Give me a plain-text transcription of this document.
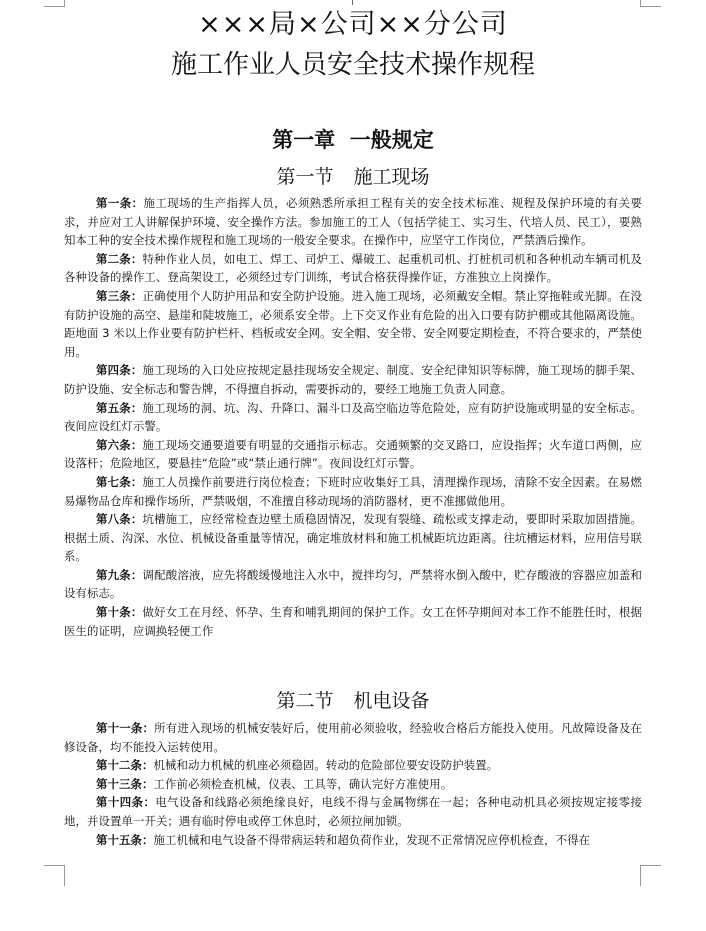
×××局×公司××分公司
施工作业人员安全技术操作规程
第一章  一般规定
第一节 施工现场

第一条：施工现场的生产指挥人员，必须熟悉所承担工程有关的安全技术标准、规程及保护环境的有关要求，并应对工人讲解保护环境、安全操作方法。参加施工的工人（包括学徒工、实习生、代培人员、民工），要熟知本工种的安全技术操作规程和施工现场的一般安全要求。在操作中，应坚守工作岗位，严禁酒后操作。

第二条：特种作业人员，如电工、焊工、司炉工、爆破工、起重机司机、打桩机司机和各种机动车辆司机及各种设备的操作工、登高架设工，必须经过专门训练，考试合格获得操作证，方准独立上岗操作。

第三条：正确使用个人防护用品和安全防护设施。进入施工现场，必须戴安全帽。禁止穿拖鞋或光脚。在没有防护设施的高空、悬崖和陡坡施工，必须系安全带。上下交叉作业有危险的出入口要有防护棚或其他隔离设施。距地面 3 米以上作业要有防护栏杆、档板或安全网。安全帽、安全带、安全网要定期检查，不符合要求的，严禁使用。

第四条：施工现场的入口处应按规定悬挂现场安全规定、制度、安全纪律知识等标牌，施工现场的脚手架、防护设施、安全标志和警告牌，不得擅自拆动，需要拆动的，要经工地施工负责人同意。

第五条：施工现场的洞、坑、沟、升降口、漏斗口及高空临边等危险处，应有防护设施或明显的安全标志。夜间应设红灯示警。

第六条：施工现场交通要道要有明显的交通指示标志。交通频繁的交叉路口，应设指挥；火车道口两侧，应设落杆；危险地区，要悬挂“危险”或“禁止通行牌”。夜间设红灯示警。

第七条：施工人员操作前要进行岗位检查；下班时应收集好工具，清理操作现场，清除不安全因素。在易燃易爆物品仓库和操作场所，严禁吸烟，不准擅自移动现场的消防器材，更不准挪做他用。

第八条：坑槽施工，应经常检查边壁土质稳固情况，发现有裂缝、疏松或支撑走动，要即时采取加固措施。根据土质、沟深、水位、机械设备重量等情况，确定堆放材料和施工机械距坑边距离。往坑槽运材料，应用信号联系。

第九条：调配酸溶液，应先将酸缓慢地注入水中，搅拌均匀，严禁将水倒入酸中，贮存酸液的容器应加盖和设有标志。

第十条：做好女工在月经、怀孕、生育和哺乳期间的保护工作。女工在怀孕期间对本工作不能胜任时，根据医生的证明，应调换轻便工作

第二节 机电设备

第十一条：所有进入现场的机械安装好后，使用前必须验收，经验收合格后方能投入使用。凡故障设备及在修设备，均不能投入运转使用。

第十二条：机械和动力机械的机座必须稳固。转动的危险部位要安设防护装置。

第十三条：工作前必须检查机械，仪表、工具等，确认完好方准使用。

第十四条：电气设备和线路必须绝缘良好，电线不得与金属物绑在一起；各种电动机具必须按规定接零接地，并设置单一开关；遇有临时停电或停工休息时，必须拉闸加锁。

第十五条：施工机械和电气设备不得带病运转和超负荷作业，发现不正常情况应停机检查，不得在
